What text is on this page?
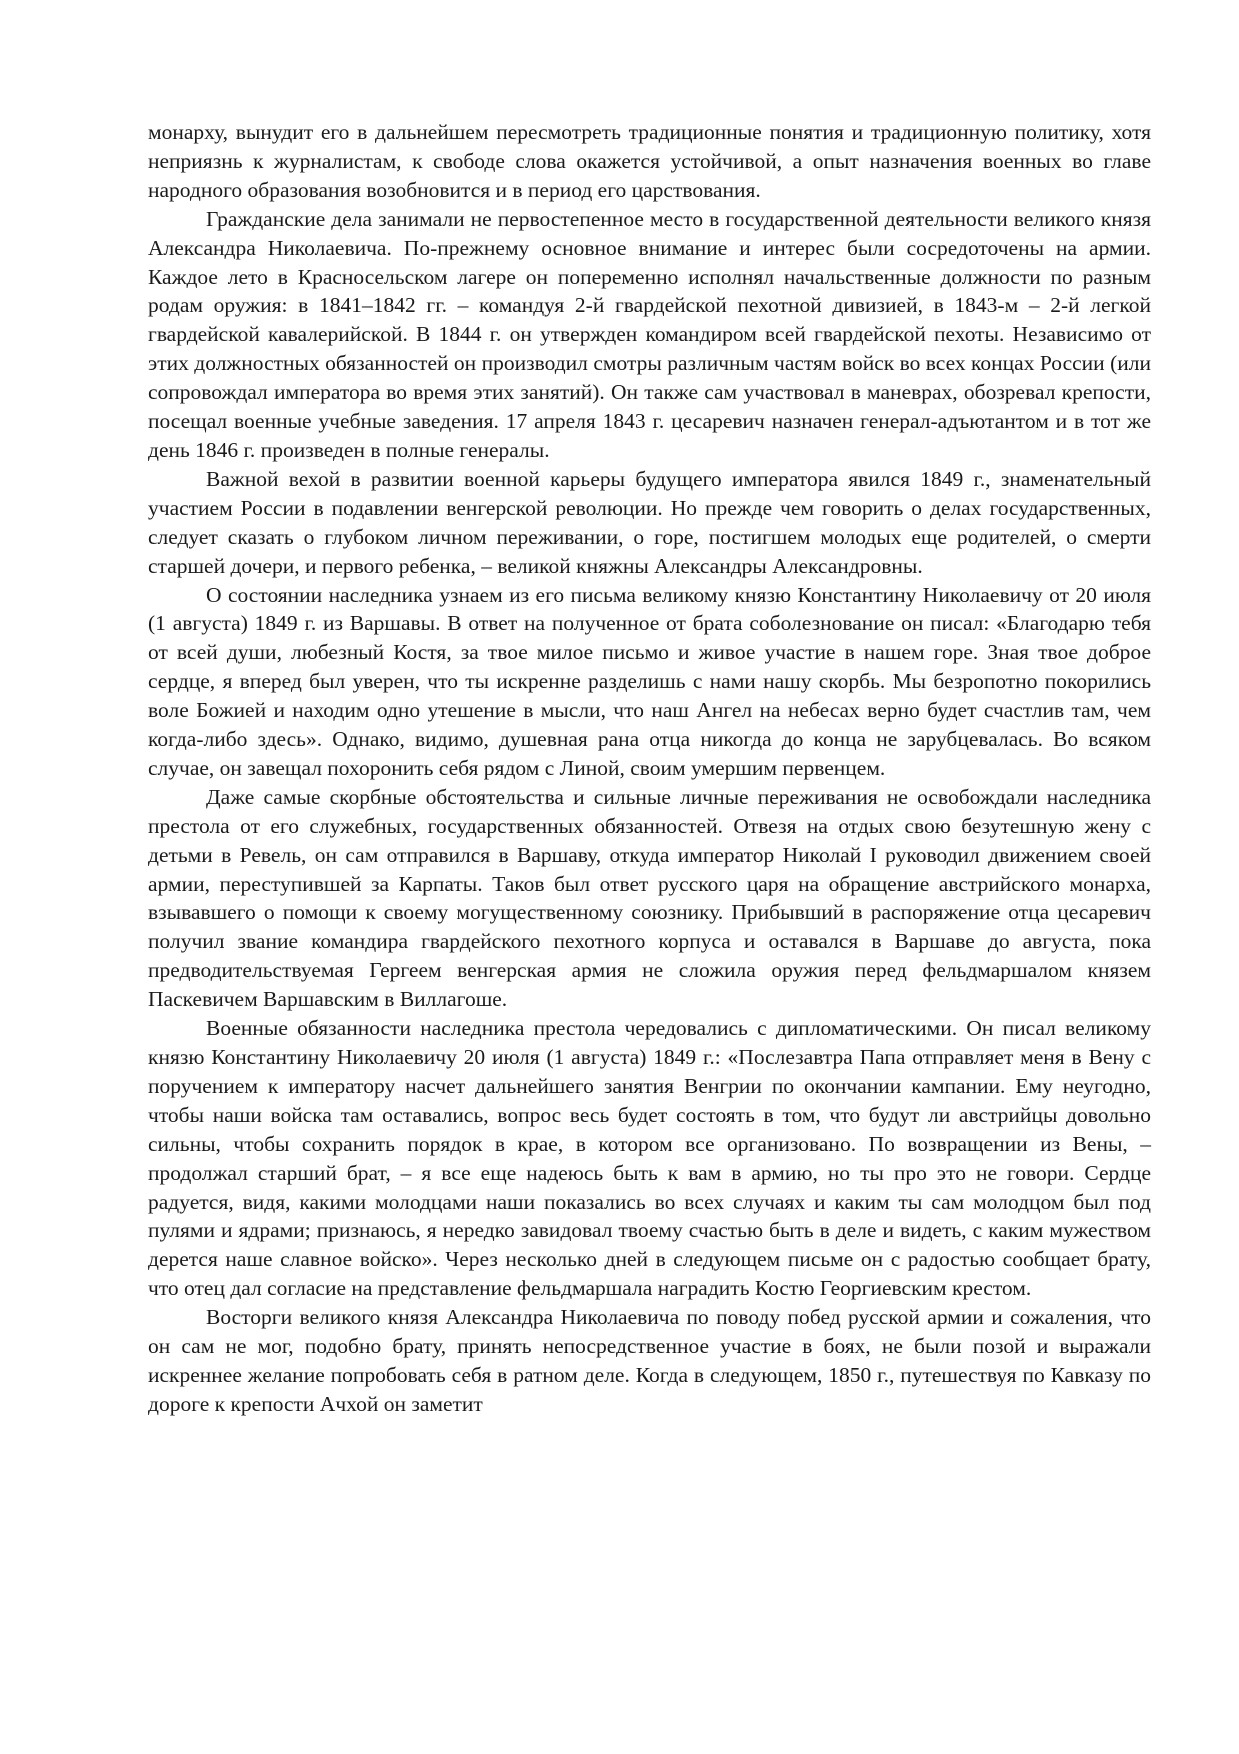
монарху, вынудит его в дальнейшем пересмотреть традиционные понятия и традиционную политику, хотя неприязнь к журналистам, к свободе слова окажется устойчивой, а опыт назначения военных во главе народного образования возобновится и в период его царствования.

Гражданские дела занимали не первостепенное место в государственной деятельности великого князя Александра Николаевича. По-прежнему основное внимание и интерес были сосредоточены на армии. Каждое лето в Красносельском лагере он попеременно исполнял начальственные должности по разным родам оружия: в 1841–1842 гг. – командуя 2-й гвардейской пехотной дивизией, в 1843-м – 2-й легкой гвардейской кавалерийской. В 1844 г. он утвержден командиром всей гвардейской пехоты. Независимо от этих должностных обязанностей он производил смотры различным частям войск во всех концах России (или сопровождал императора во время этих занятий). Он также сам участвовал в маневрах, обозревал крепости, посещал военные учебные заведения. 17 апреля 1843 г. цесаревич назначен генерал-адъютантом и в тот же день 1846 г. произведен в полные генералы.

Важной вехой в развитии военной карьеры будущего императора явился 1849 г., знаменательный участием России в подавлении венгерской революции. Но прежде чем говорить о делах государственных, следует сказать о глубоком личном переживании, о горе, постигшем молодых еще родителей, о смерти старшей дочери, и первого ребенка, – великой княжны Александры Александровны.

О состоянии наследника узнаем из его письма великому князю Константину Николаевичу от 20 июля (1 августа) 1849 г. из Варшавы. В ответ на полученное от брата соболезнование он писал: «Благодарю тебя от всей души, любезный Костя, за твое милое письмо и живое участие в нашем горе. Зная твое доброе сердце, я вперед был уверен, что ты искренне разделишь с нами нашу скорбь. Мы безропотно покорились воле Божией и находим одно утешение в мысли, что наш Ангел на небесах верно будет счастлив там, чем когда-либо здесь». Однако, видимо, душевная рана отца никогда до конца не зарубцевалась. Во всяком случае, он завещал похоронить себя рядом с Линой, своим умершим первенцем.

Даже самые скорбные обстоятельства и сильные личные переживания не освобождали наследника престола от его служебных, государственных обязанностей. Отвезя на отдых свою безутешную жену с детьми в Ревель, он сам отправился в Варшаву, откуда император Николай I руководил движением своей армии, переступившей за Карпаты. Таков был ответ русского царя на обращение австрийского монарха, взывавшего о помощи к своему могущественному союзнику. Прибывший в распоряжение отца цесаревич получил звание командира гвардейского пехотного корпуса и оставался в Варшаве до августа, пока предводительствуемая Гергеем венгерская армия не сложила оружия перед фельдмаршалом князем Паскевичем Варшавским в Виллагоше.

Военные обязанности наследника престола чередовались с дипломатическими. Он писал великому князю Константину Николаевичу 20 июля (1 августа) 1849 г.: «Послезавтра Папа отправляет меня в Вену с поручением к императору насчет дальнейшего занятия Венгрии по окончании кампании. Ему неугодно, чтобы наши войска там оставались, вопрос весь будет состоять в том, что будут ли австрийцы довольно сильны, чтобы сохранить порядок в крае, в котором все организовано. По возвращении из Вены, – продолжал старший брат, – я все еще надеюсь быть к вам в армию, но ты про это не говори. Сердце радуется, видя, какими молодцами наши показались во всех случаях и каким ты сам молодцом был под пулями и ядрами; признаюсь, я нередко завидовал твоему счастью быть в деле и видеть, с каким мужеством дерется наше славное войско». Через несколько дней в следующем письме он с радостью сообщает брату, что отец дал согласие на представление фельдмаршала наградить Костю Георгиевским крестом.

Восторги великого князя Александра Николаевича по поводу побед русской армии и сожаления, что он сам не мог, подобно брату, принять непосредственное участие в боях, не были позой и выражали искреннее желание попробовать себя в ратном деле. Когда в следующем, 1850 г., путешествуя по Кавказу по дороге к крепости Ачхой он заметит
